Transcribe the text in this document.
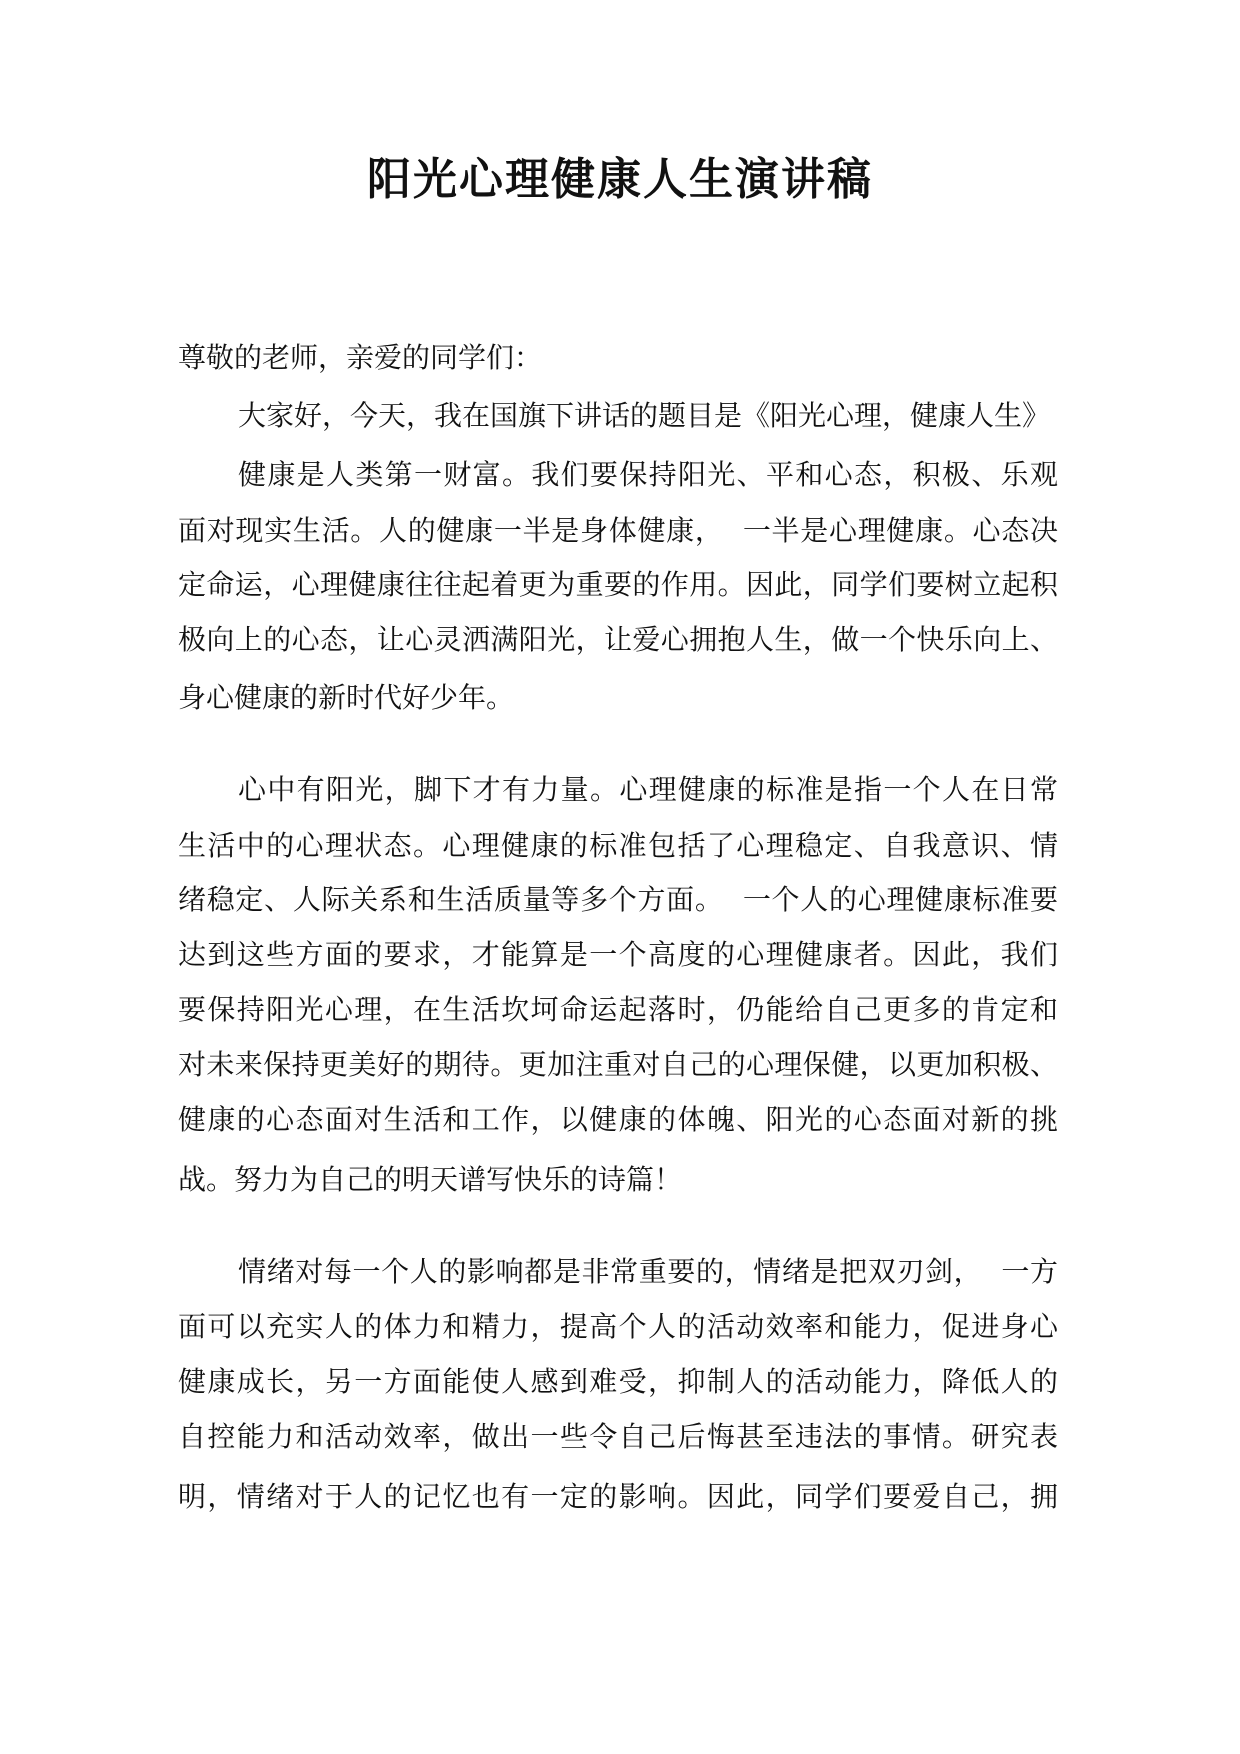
阳光心理健康人生演讲稿
尊敬的老师，亲爱的同学们：
大家好，今天，我在国旗下讲话的题目是《阳光心理，健康人生》
健康是人类第一财富。我们要保持阳光、平和心态，积极、乐观
面对现实生活。人的健康一半是身体健康，  一半是心理健康。心态决
定命运，心理健康往往起着更为重要的作用。因此，同学们要树立起积
极向上的心态，让心灵洒满阳光，让爱心拥抱人生，做一个快乐向上、
身心健康的新时代好少年。
心中有阳光，脚下才有力量。心理健康的标准是指一个人在日常
生活中的心理状态。心理健康的标准包括了心理稳定、自我意识、情
绪稳定、人际关系和生活质量等多个方面。  一个人的心理健康标准要
达到这些方面的要求，才能算是一个高度的心理健康者。因此，我们
要保持阳光心理，在生活坎坷命运起落时，仍能给自己更多的肯定和
对未来保持更美好的期待。更加注重对自己的心理保健，以更加积极、
健康的心态面对生活和工作，以健康的体魄、阳光的心态面对新的挑
战。努力为自己的明天谱写快乐的诗篇！
情绪对每一个人的影响都是非常重要的，情绪是把双刃剑，  一方
面可以充实人的体力和精力，提高个人的活动效率和能力，促进身心
健康成长，另一方面能使人感到难受，抑制人的活动能力，降低人的
自控能力和活动效率，做出一些令自己后悔甚至违法的事情。研究表
明，情绪对于人的记忆也有一定的影响。因此，同学们要爱自己，拥
